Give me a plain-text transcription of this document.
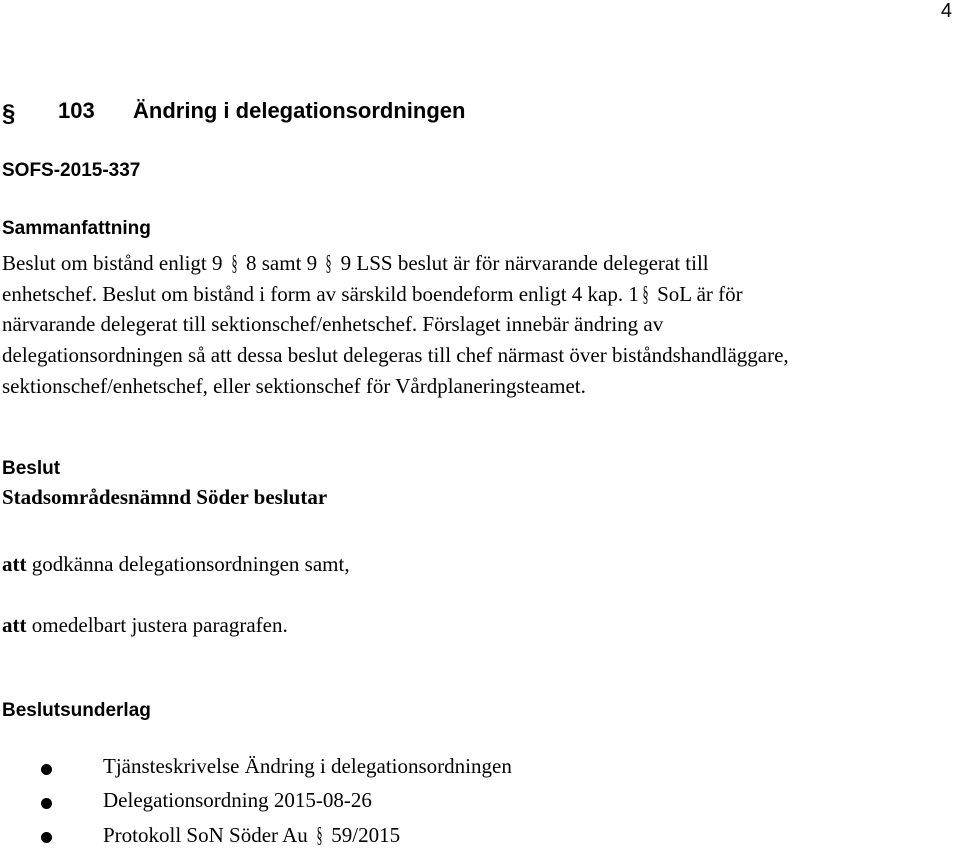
4

§ 103 Ändring i delegationsordningen

SOFS-2015-337

Sammanfattning

Beslut om bistånd enligt 9 § 8 samt 9 § 9 LSS beslut är för närvarande delegerat till

enhetschef. Beslut om bistånd i form av särskild boendeform enligt 4 kap. 1 § SoL är för

närvarande delegerat till sektionschef/enhetschef. Förslaget innebär ändring av

delegationsordningen så att dessa beslut delegeras till chef närmast över biståndshandläggare,

sektionschef/enhetschef, eller sektionschef för Vårdplaneringsteamet.

Beslut

Stadsområdesnämnd Söder beslutar

att godkänna delegationsordningen samt,

att omedelbart justera paragrafen.

Beslutsunderlag

Tjänsteskrivelse Ändring i delegationsordningen
Delegationsordning 2015-08-26
Protokoll SoN Söder Au § 59/2015
